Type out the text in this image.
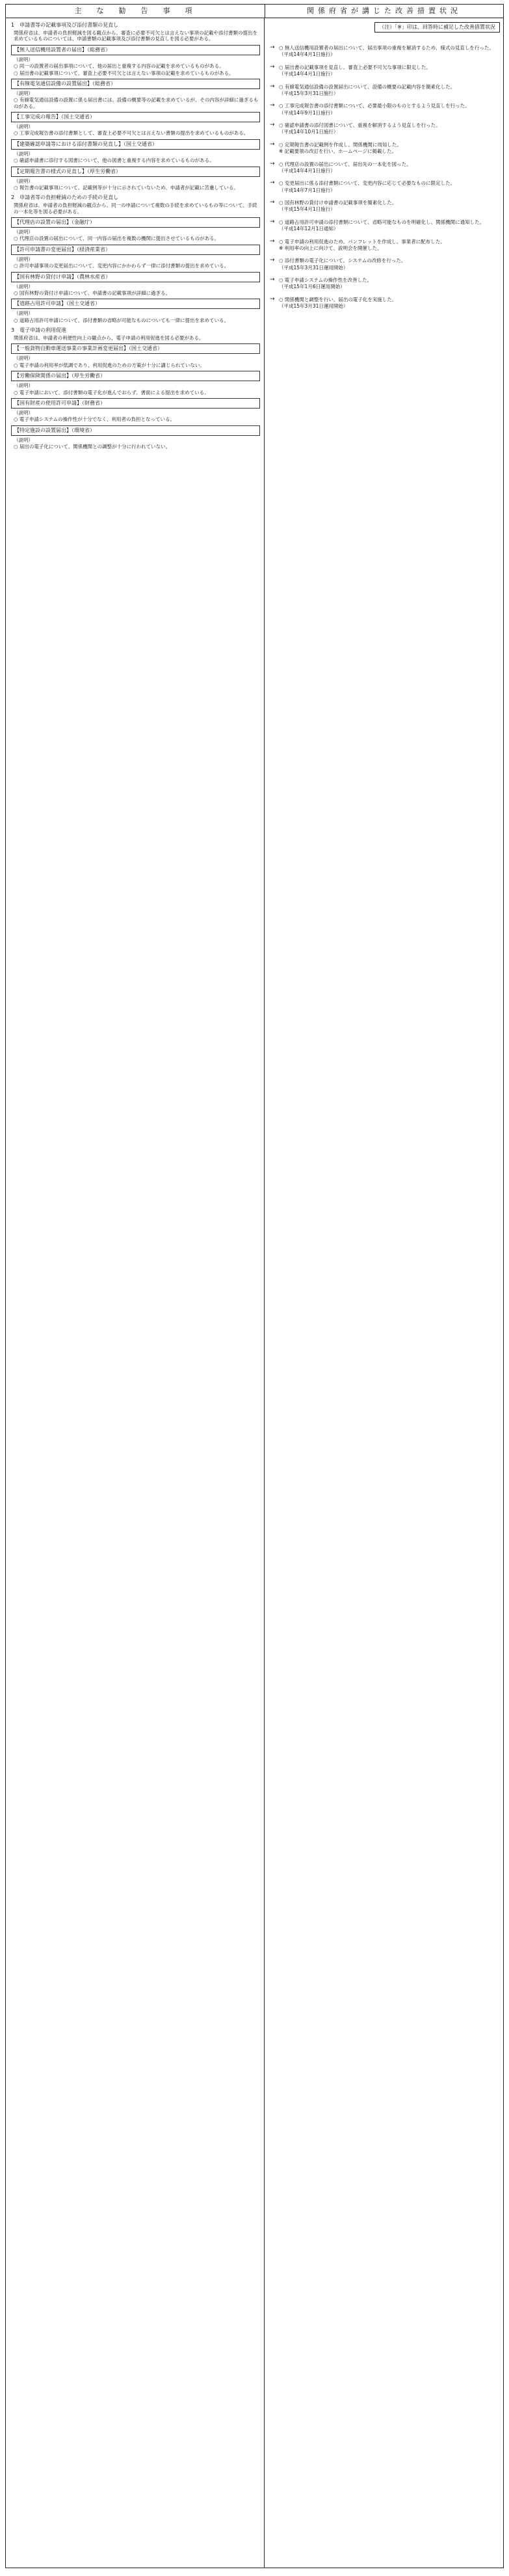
主　な　勧　告　事　項	関係府省が講じた改善措置状況
（注）「※」印は、回答時に補足した改善措置状況
1　申請書等の記載事項及び添付書類の見直し
関係府省は、申請者の負担軽減を図る観点から、審査に必要不可欠とは言えない事項の記載や添付書類の提出を求めているものについては、申請書類の記載事項及び添付書類の見直しを図る必要がある。
【無人送信機用設置者の届出】（総務省）
（説明）
○ 同一の設置者の届出事項について、他の届出と重複する内容の記載を求めているものがある。
○ 届出書の記載事項について、審査上必要不可欠とは言えない事項の記載を求めているものがある。
【有線電気通信設備の設置届出】（総務省）
（説明）
○ 有線電気通信設備の設置に係る届出書には、設備の概要等の記載を求めているが、その内容が詳細に過ぎるものがある。
【工事完成の報告】（国土交通省）
（説明）
○ 工事完成報告書の添付書類として、審査上必要不可欠とは言えない書類の提出を求めているものがある。
【建築確認申請等における添付書類の見直し】（国土交通省）
（説明）
○ 確認申請書に添付する図書について、他の図書と重複する内容を求めているものがある。
【定期報告書の様式の見直し】（厚生労働省）
（説明）
○ 報告書の記載事項について、記載例等が十分に示されていないため、申請者が記載に苦慮している。
2　申請者等の負担軽減のための手続の見直し
関係府省は、申請者の負担軽減の観点から、同一の申請について複数の手続を求めているもの等について、手続の一本化等を図る必要がある。
【代理店の設置の届出】（金融庁）
（説明）
○ 代理店の設置の届出について、同一内容の届出を複数の機関に提出させているものがある。
【許可申請書の変更届出】（経済産業省）
（説明）
○ 許可申請事項の変更届出について、変更内容にかかわらず一律に添付書類の提出を求めている。
【国有林野の貸付け申請】（農林水産省）
（説明）
○ 国有林野の貸付け申請について、申請書の記載事項が詳細に過ぎる。
【道路占用許可申請】（国土交通省）
（説明）
○ 道路占用許可申請について、添付書類の省略が可能なものについても一律に提出を求めている。
3　電子申請の利用促進
関係府省は、申請者の利便性向上の観点から、電子申請の利用促進を図る必要がある。
【一般貨物自動車運送事業の事業計画変更届出】（国土交通省）
（説明）
○ 電子申請の利用率が低調であり、利用促進のための方策が十分に講じられていない。
【労働保険関係の届出】（厚生労働省）
（説明）
○ 電子申請において、添付書類の電子化が進んでおらず、書面による提出を求めている。
【国有財産の使用許可申請】（財務省）
（説明）
○ 電子申請システムの操作性が十分でなく、利用者の負担となっている。
【特定施設の設置届出】（環境省）
（説明）
○ 届出の電子化について、関係機関との調整が十分に行われていない。
→ ○ 無人送信機用設置者の届出について、届出事項の重複を解消するため、様式の見直しを行った。
（平成14年4月1日施行）
→ ○ 届出書の記載事項を見直し、審査上必要不可欠な事項に限定した。
（平成14年4月1日施行）
→ ○ 有線電気通信設備の設置届出について、設備の概要の記載内容を簡素化した。
（平成15年3月31日施行）
→ ○ 工事完成報告書の添付書類について、必要最小限のものとするよう見直しを行った。
（平成14年9月1日施行）
→ ○ 確認申請書の添付図書について、重複を解消するよう見直しを行った。
（平成14年10月1日施行）
→ ○ 定期報告書の記載例を作成し、関係機関に周知した。
※ 記載要領の改訂を行い、ホームページに掲載した。
→ ○ 代理店の設置の届出について、届出先の一本化を図った。
（平成14年4月1日施行）
→ ○ 変更届出に係る添付書類について、変更内容に応じて必要なものに限定した。
（平成14年7月1日施行）
→ ○ 国有林野の貸付け申請書の記載事項を簡素化した。
（平成15年4月1日施行）
→ ○ 道路占用許可申請の添付書類について、省略可能なものを明確化し、関係機関に通知した。
（平成14年12月1日通知）
→ ○ 電子申請の利用促進のため、パンフレットを作成し、事業者に配布した。
※ 利用率の向上に向けて、説明会を開催した。
→ ○ 添付書類の電子化について、システムの改修を行った。
（平成15年3月31日運用開始）
→ ○ 電子申請システムの操作性を改善した。
（平成15年1月6日運用開始）
→ ○ 関係機関と調整を行い、届出の電子化を実施した。
（平成15年3月31日運用開始）
